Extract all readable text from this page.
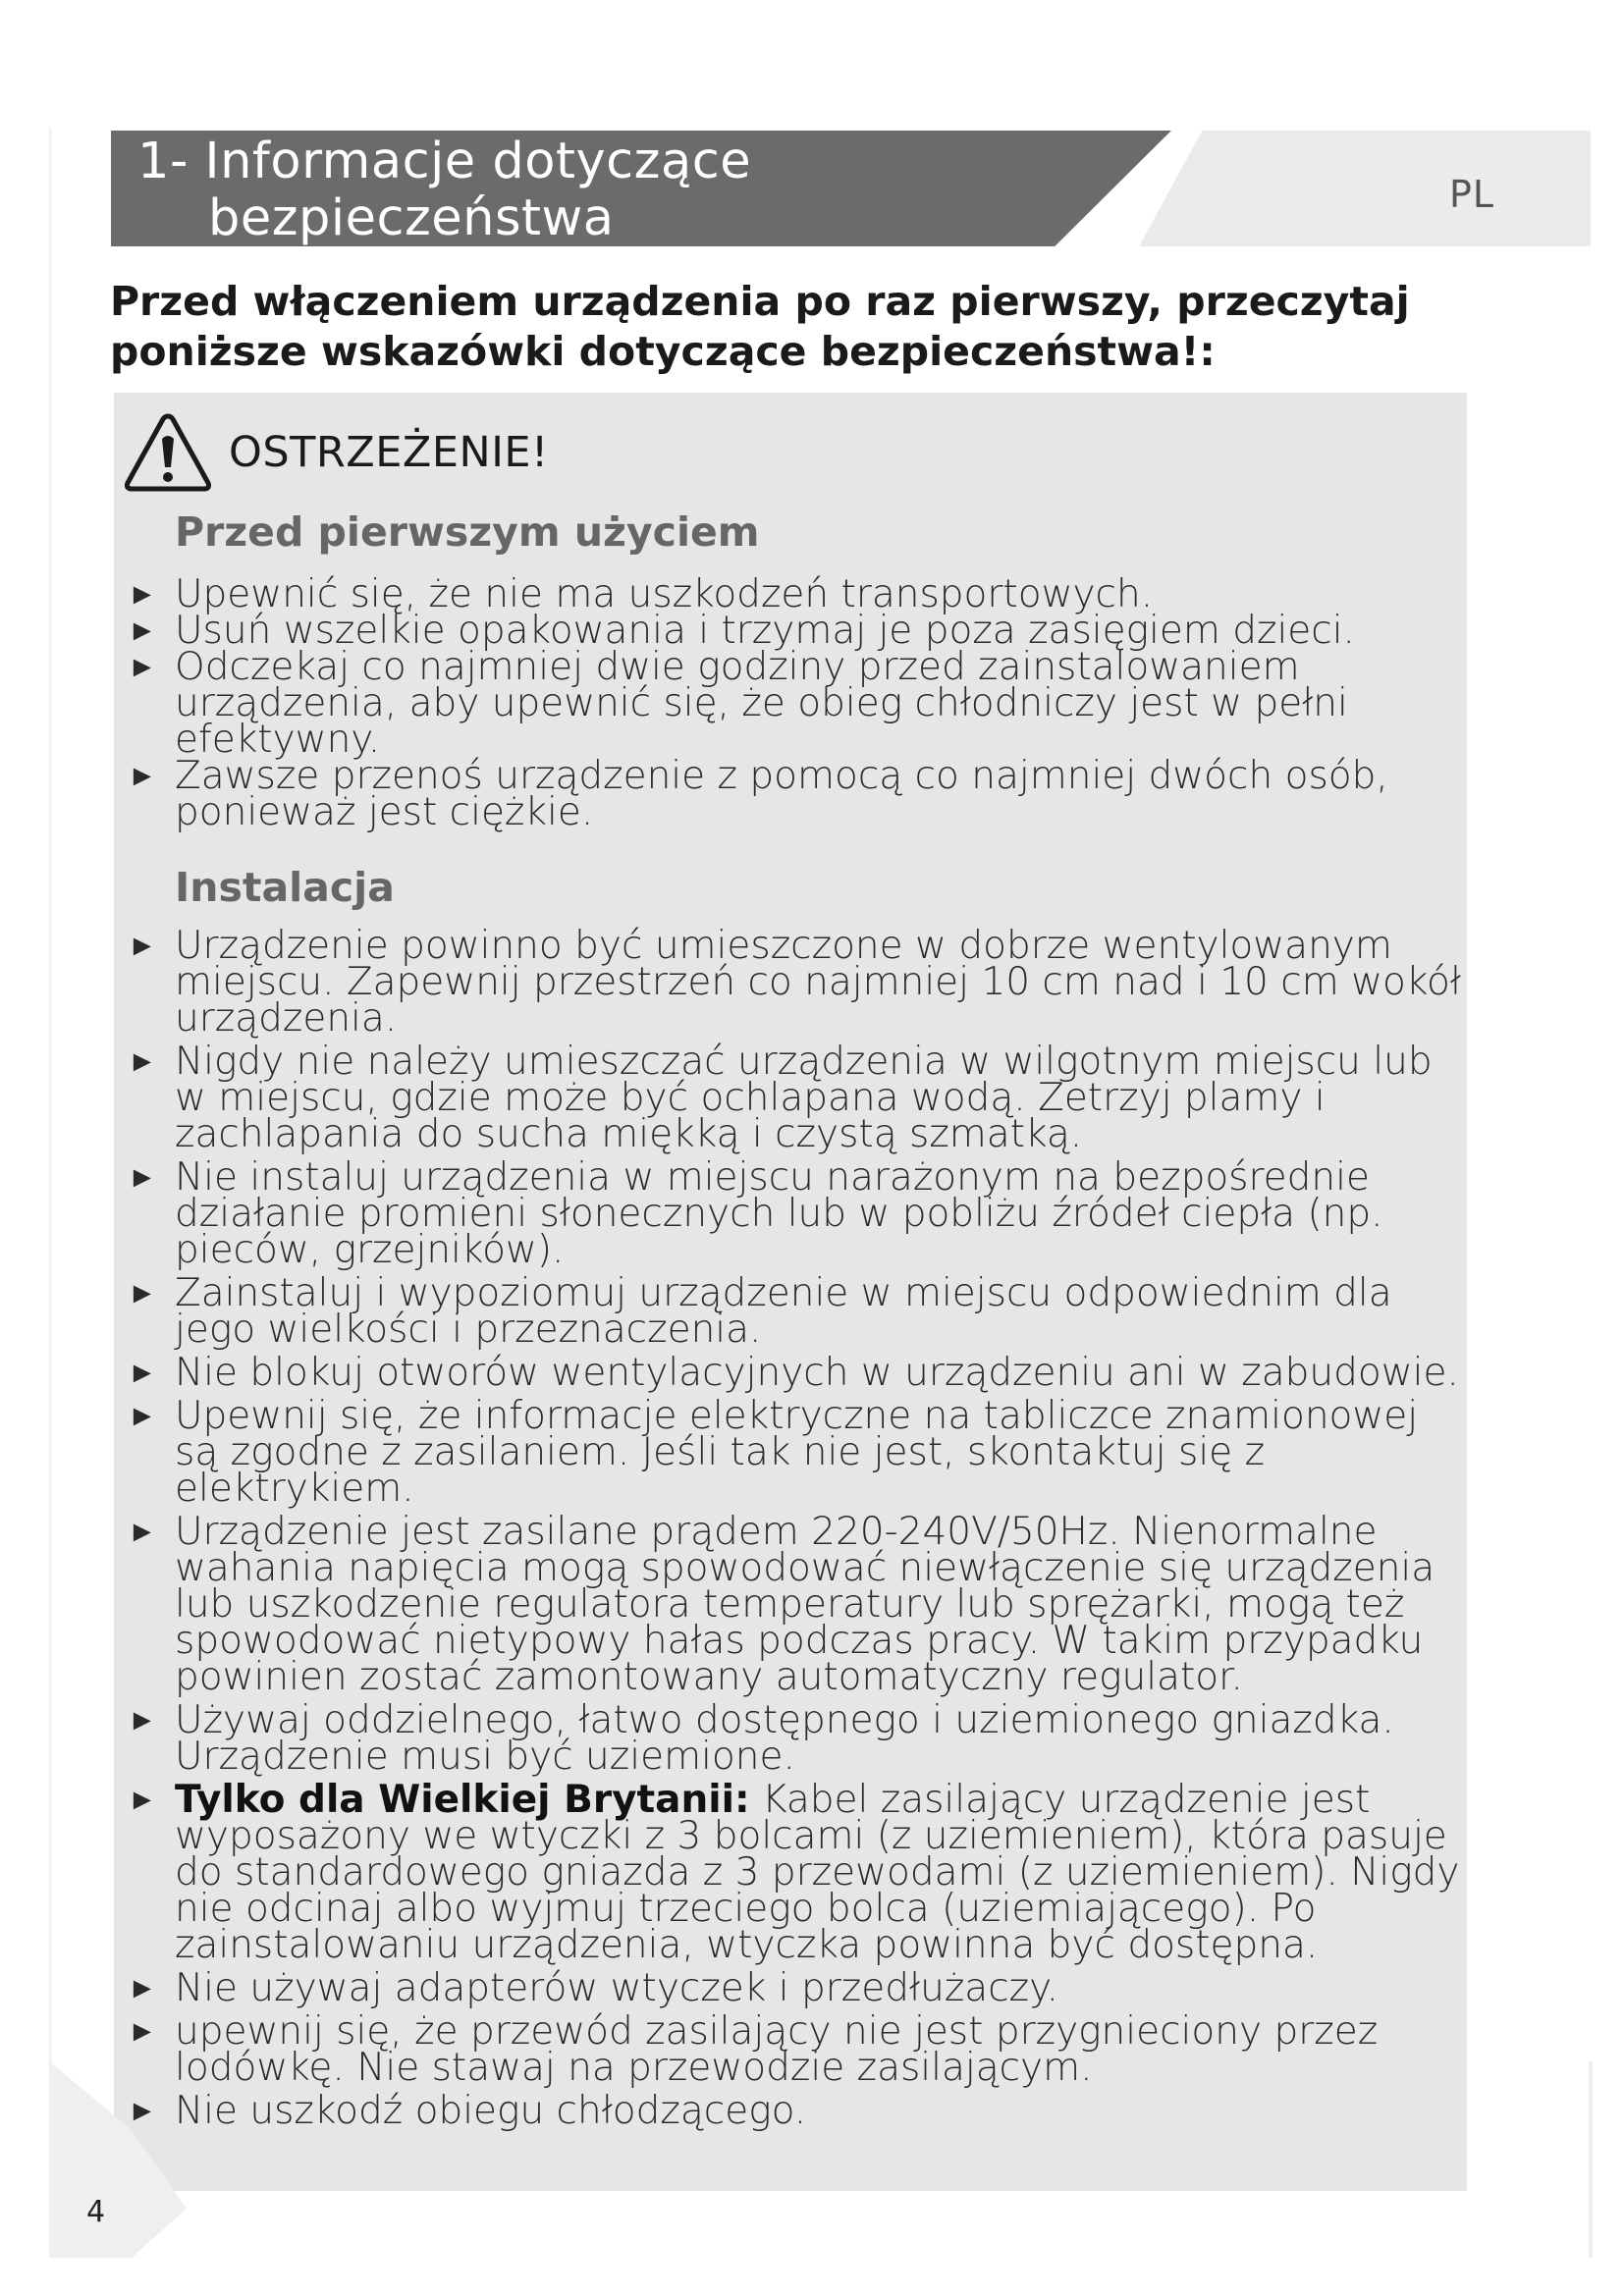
1- Informacje dotyczące
bezpieczeństwa	PL
Przed włączeniem urządzenia po raz pierwszy, przeczytaj poniższe wskazówki dotyczące bezpieczeństwa!:
OSTRZEŻENIE!
Przed pierwszym użyciem

► Upewnić się, że nie ma uszkodzeń transportowych.

► Usuń wszelkie opakowania i trzymaj je poza zasięgiem dzieci.

► Odczekaj co najmniej dwie godziny przed zainstalowaniem urządzenia, aby upewnić się, że obieg chłodniczy jest w pełni efektywny.

► Zawsze przenoś urządzenie z pomocą co najmniej dwóch osób, ponieważ jest ciężkie.

Instalacja

► Urządzenie powinno być umieszczone w dobrze wentylowanym miejscu. Zapewnij przestrzeń co najmniej 10 cm nad i 10 cm wokół urządzenia.

► Nigdy nie należy umieszczać urządzenia w wilgotnym miejscu lub w miejscu, gdzie może być ochlapana wodą. Zetrzyj plamy i zachlapania do sucha miękką i czystą szmatką.

► Nie instaluj urządzenia w miejscu narażonym na bezpośrednie działanie promieni słonecznych lub w pobliżu źródeł ciepła (np. pieców, grzejników).

► Zainstaluj i wypoziomuj urządzenie w miejscu odpowiednim dla jego wielkości i przeznaczenia.

► Nie blokuj otworów wentylacyjnych w urządzeniu ani w zabudowie.

► Upewnij się, że informacje elektryczne na tabliczce znamionowej są zgodne z zasilaniem. Jeśli tak nie jest, skontaktuj się z elektrykiem.

► Urządzenie jest zasilane prądem 220-240V/50Hz. Nienormalne wahania napięcia mogą spowodować niewłączenie się urządzenia lub uszkodzenie regulatora temperatury lub sprężarki, mogą też spowodować nietypowy hałas podczas pracy. W takim przypadku powinien zostać zamontowany automatyczny regulator.

► Używaj oddzielnego, łatwo dostępnego i uziemionego gniazdka. Urządzenie musi być uziemione.

► Tylko dla Wielkiej Brytanii: Kabel zasilający urządzenie jest wyposażony we wtyczki z 3 bolcami (z uziemieniem), która pasuje do standardowego gniazda z 3 przewodami (z uziemieniem). Nigdy nie odcinaj albo wyjmuj trzeciego bolca (uziemiającego). Po zainstalowaniu urządzenia, wtyczka powinna być dostępna.

► Nie używaj adapterów wtyczek i przedłużaczy.

► upewnij się, że przewód zasilający nie jest przygnieciony przez lodówkę. Nie stawaj na przewodzie zasilającym.

► Nie uszkodź obiegu chłodzącego.

4
